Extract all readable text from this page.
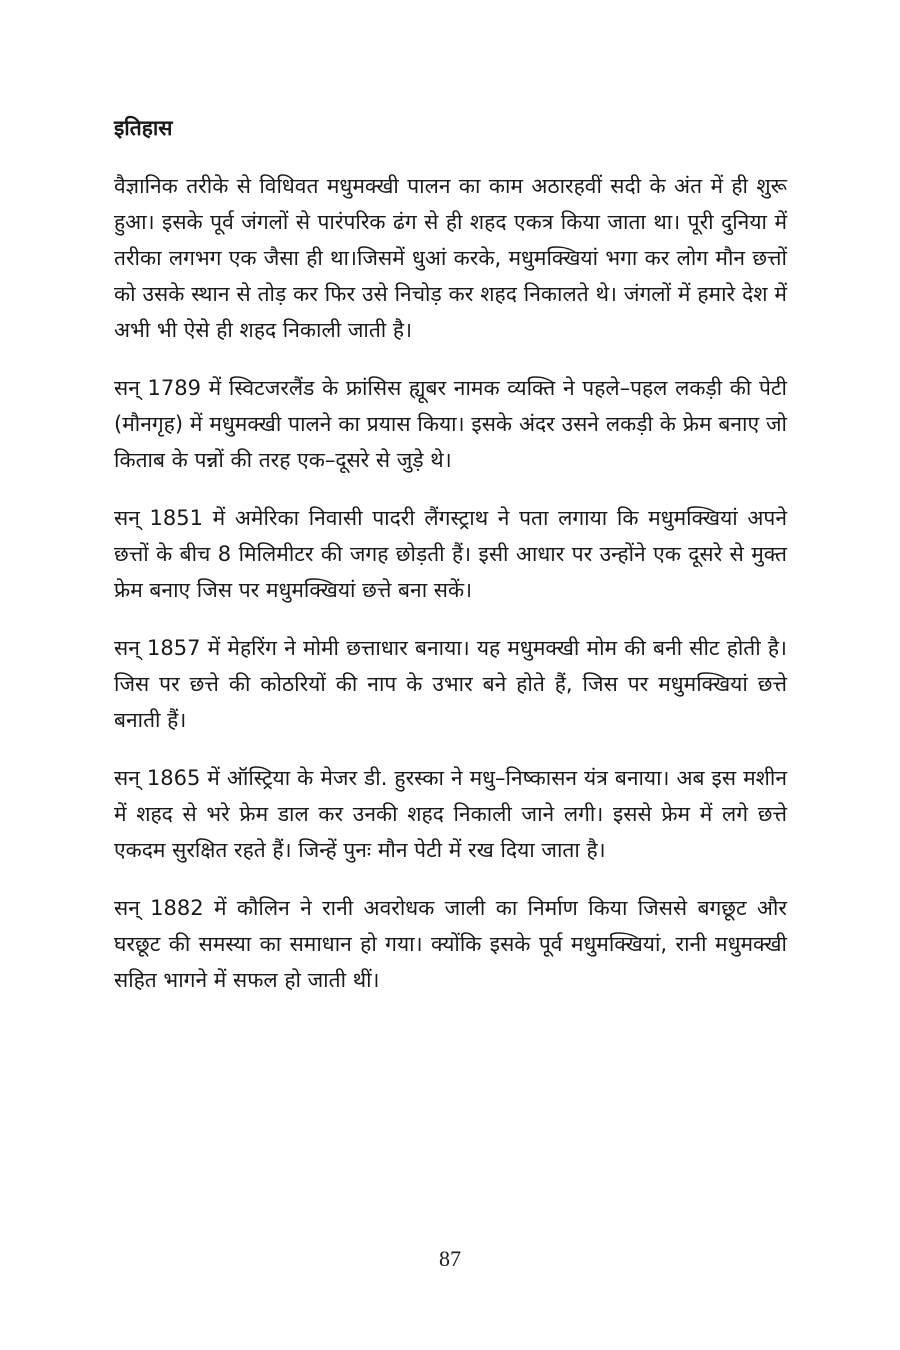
इतिहास

वैज्ञानिक तरीके से विधिवत मधुमक्खी पालन का काम अठारहवीं सदी के अंत में ही शुरू हुआ। इसके पूर्व जंगलों से पारंपरिक ढंग से ही शहद एकत्र किया जाता था। पूरी दुनिया में तरीका लगभग एक जैसा ही था।जिसमें धुआं करके, मधुमक्खियां भगा कर लोग मौन छत्तों को उसके स्थान से तोड़ कर फिर उसे निचोड़ कर शहद निकालते थे। जंगलों में हमारे देश में अभी भी ऐसे ही शहद निकाली जाती है।

सन् 1789 में स्विटजरलैंड के फ्रांसिस ह्यूबर नामक व्यक्ति ने पहले–पहल लकड़ी की पेटी (मौनगृह) में मधुमक्खी पालने का प्रयास किया। इसके अंदर उसने लकड़ी के फ्रेम बनाए जो किताब के पन्नों की तरह एक–दूसरे से जुड़े थे।

सन् 1851 में अमेरिका निवासी पादरी लैंगस्ट्राथ ने पता लगाया कि मधुमक्खियां अपने छत्तों के बीच 8 मिलिमीटर की जगह छोड़ती हैं। इसी आधार पर उन्होंने एक दूसरे से मुक्त फ्रेम बनाए जिस पर मधुमक्खियां छत्ते बना सकें।

सन् 1857 में मेहरिंग ने मोमी छत्ताधार बनाया। यह मधुमक्खी मोम की बनी सीट होती है। जिस पर छत्ते की कोठरियों की नाप के उभार बने होते हैं, जिस पर मधुमक्खियां छत्ते बनाती हैं।

सन् 1865 में ऑस्ट्रिया के मेजर डी. हुरस्का ने मधु–निष्कासन यंत्र बनाया। अब इस मशीन में शहद से भरे फ्रेम डाल कर उनकी शहद निकाली जाने लगी। इससे फ्रेम में लगे छत्ते एकदम सुरक्षित रहते हैं। जिन्हें पुनः मौन पेटी में रख दिया जाता है।

सन् 1882 में कौलिन ने रानी अवरोधक जाली का निर्माण किया जिससे बगछूट और घरछूट की समस्या का समाधान हो गया। क्योंकि इसके पूर्व मधुमक्खियां, रानी मधुमक्खी सहित भागने में सफल हो जाती थीं।

87
